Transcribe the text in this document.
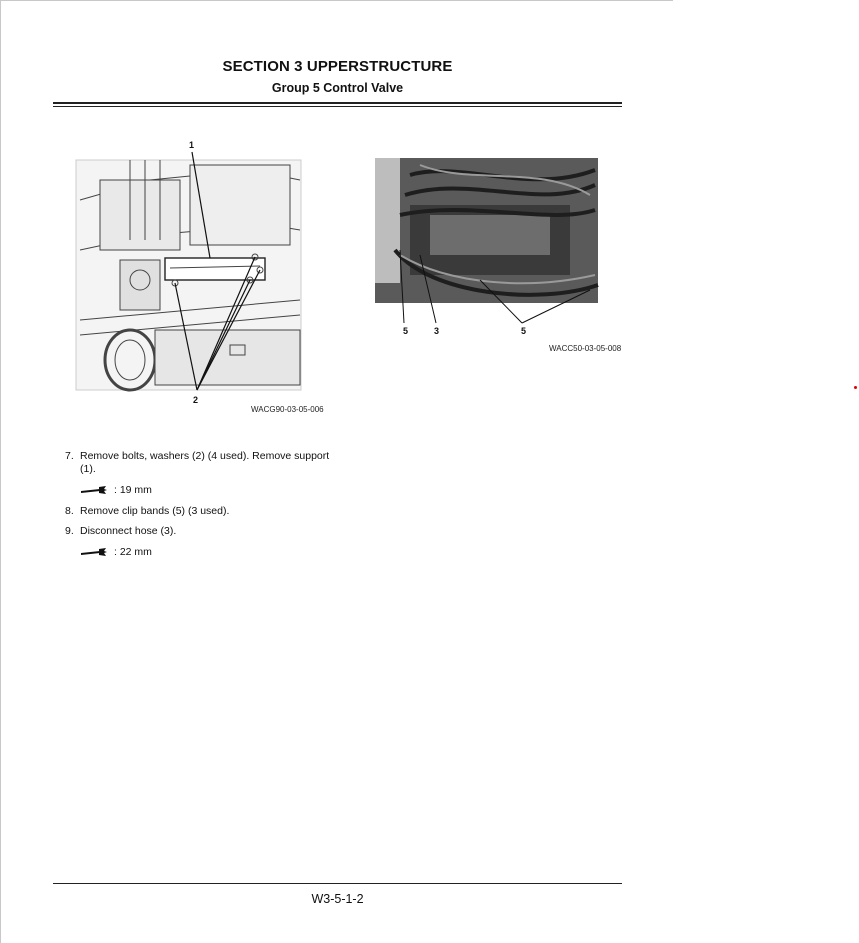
SECTION 3 UPPERSTRUCTURE
Group 5 Control Valve
1
2
WACG90-03-05-006
5	3	5
WACC50-03-05-008
7. Remove bolts, washers (2) (4 used). Remove support (1).
: 19 mm
8. Remove clip bands (5) (3 used).
9. Disconnect hose (3).
: 22 mm
W3-5-1-2
